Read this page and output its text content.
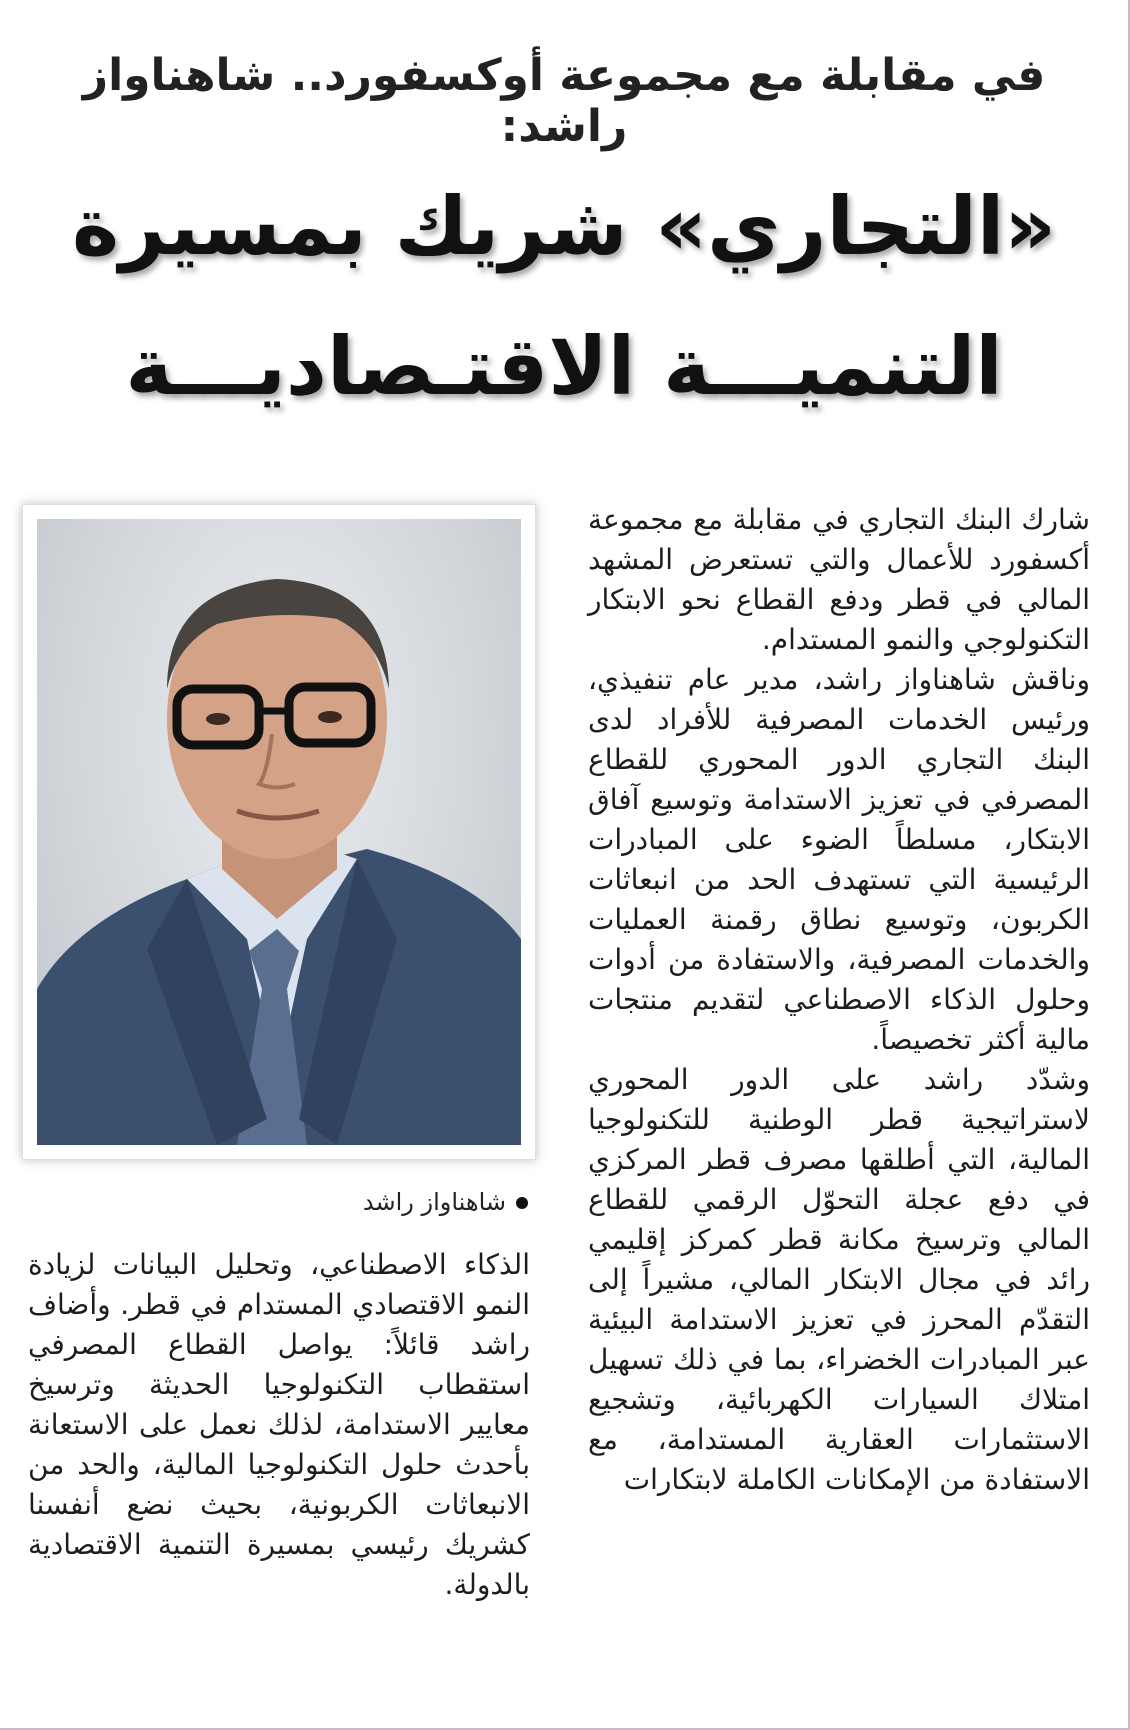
في مقابلة مع مجموعة أوكسفورد.. شاهناواز راشد:
«التجاري» شريك بمسيرة
التنميـــة الاقتـصاديـــة
شاهناواز راشد

شارك البنك التجاري في مقابلة مع مجموعة أكسفورد للأعمال والتي تستعرض المشهد المالي في قطر ودفع القطاع نحو الابتكار التكنولوجي والنمو المستدام.

وناقش شاهناواز راشد، مدير عام تنفيذي، ورئيس الخدمات المصرفية للأفراد لدى البنك التجاري الدور المحوري للقطاع المصرفي في تعزيز الاستدامة وتوسيع آفاق الابتكار، مسلطاً الضوء على المبادرات الرئيسية التي تستهدف الحد من انبعاثات الكربون، وتوسيع نطاق رقمنة العمليات والخدمات المصرفية، والاستفادة من أدوات وحلول الذكاء الاصطناعي لتقديم منتجات مالية أكثر تخصيصاً.

وشدّد راشد على الدور المحوري لاستراتيجية قطر الوطنية للتكنولوجيا المالية، التي أطلقها مصرف قطر المركزي في دفع عجلة التحوّل الرقمي للقطاع المالي وترسيخ مكانة قطر كمركز إقليمي رائد في مجال الابتكار المالي، مشيراً إلى التقدّم المحرز في تعزيز الاستدامة البيئية عبر المبادرات الخضراء، بما في ذلك تسهيل امتلاك السيارات الكهربائية، وتشجيع الاستثمارات العقارية المستدامة، مع الاستفادة من الإمكانات الكاملة لابتكارات

الذكاء الاصطناعي، وتحليل البيانات لزيادة النمو الاقتصادي المستدام في قطر. وأضاف راشد قائلاً: يواصل القطاع المصرفي استقطاب التكنولوجيا الحديثة وترسيخ معايير الاستدامة، لذلك نعمل على الاستعانة بأحدث حلول التكنولوجيا المالية، والحد من الانبعاثات الكربونية، بحيث نضع أنفسنا كشريك رئيسي بمسيرة التنمية الاقتصادية بالدولة.
